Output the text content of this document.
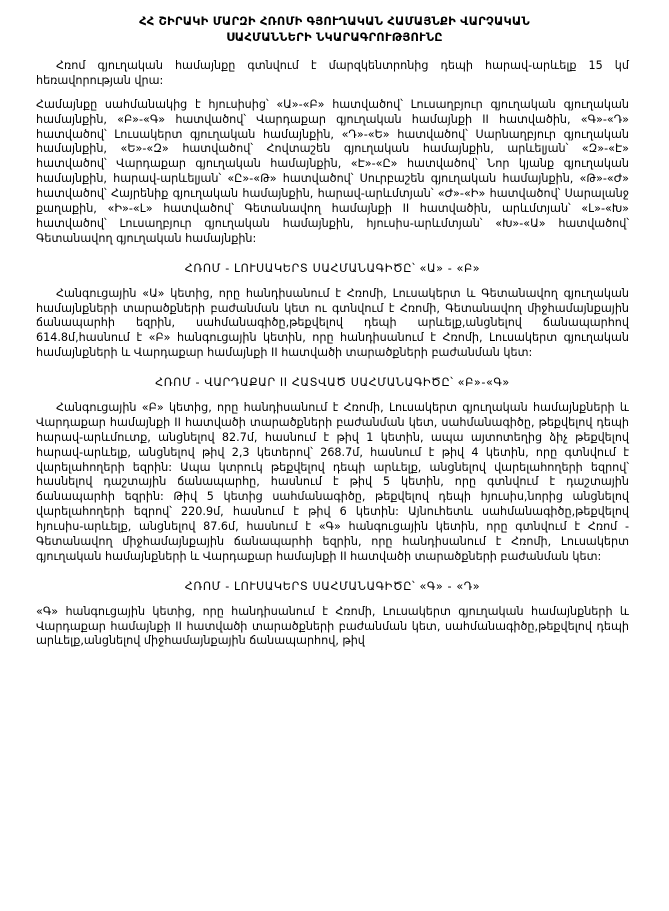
ՀՀ ՇԻՐԱԿԻ ՄԱՐԶԻ ՀՌՈՄԻ ԳՅՈՒՂԱԿԱՆ ՀԱՄԱՅՆՔԻ ՎԱՐՉԱԿԱՆ
ՍԱՀՄԱՆՆԵՐԻ ՆԿԱՐԱԳՐՈՒԹՅՈՒՆԸ

Հռոմ գյուղական համայնքը գտնվում է մարզկենտրոնից դեպի հարավ-արևելք 15 կմ հեռավորության վրա:

Համայնքը սահմանակից է հյուսիսից՝ «Ա»-«Բ» հատվածով՝ Լուսաղբյուր գյուղական գյուղական համայնքին, «Բ»-«Գ» հատվածով՝ Վարդաքար գյուղական համայնքի II հատվածին, «Գ»-«Դ» հատվածով՝ Լուսակերտ գյուղական համայնքին, «Դ»-«Ե» հատվածով՝ Սարնաղբյուր գյուղական համայնքին, «Ե»-«Զ» հատվածով՝ Հովտաշեն գյուղական համայնքին, արևելյան՝ «Զ»-«Է» հատվածով՝ Վարդաքար գյուղական համայնքին, «Է»-«Ը» հատվածով՝ Նոր կյանք գյուղական համայնքին, հարավ-արևելյան՝ «Ը»-«Թ» հատվածով՝ Սուրբաշեն գյուղական համայնքին, «Թ»-«Ժ» հատվածով՝ Հայրենիք գյուղական համայնքին, հարավ-արևմտյան՝ «Ժ»-«Ի» հատվածով՝ Սարալանջ քաղաքին, «Ի»-«Լ» հատվածով՝ Գետանավող համայնքի II հատվածին, արևմտյան՝ «Լ»-«Խ» հատվածով՝ Լուսաղբյուր գյուղական համայնքին, հյուսիս-արևմտյան՝ «Խ»-«Ա» հատվածով՝ Գետանավող գյուղական համայնքին:

ՀՌՈՄ - ԼՈՒՍԱԿԵՐՏ ՍԱՀՄԱՆԱԳԻԾԸ՝ «Ա» - «Բ»

Հանգուցային «Ա» կետից, որը հանդիսանում է Հռոմի, Լուսակերտ և Գետանավող գյուղական համայնքների տարածքների բաժանման կետ ու գտնվում է Հռոմի, Գետանավող միջհամայնքային ճանապարհի եզրին, սահմանագիծը,թեքվելով դեպի արևելք,անցնելով ճանապարհով 614.8մ,հասնում է «Բ» հանգուցային կետին, որը հանդիսանում է Հռոմի, Լուսակերտ գյուղական համայնքների և Վարդաքար համայնքի II հատվածի տարածքների բաժանման կետ:

ՀՌՈՄ - ՎԱՐԴԱՔԱՐ II ՀԱՏՎԱԾ ՍԱՀՄԱՆԱԳԻԾԸ՝ «Բ»-«Գ»

Հանգուցային «Բ» կետից, որը հանդիսանում է Հռոմի, Լուսակերտ գյուղական համայնքների և Վարդաքար համայնքի II հատվածի տարածքների բաժանման կետ, սահմանագիծը, թեքվելով դեպի հարավ-արևմուտք, անցնելով 82.7մ, հասնում է թիվ 1 կետին, ապա այտոտեղից ձիչ թեքվելով հարավ-արևելք, անցնելով թիվ 2,3 կետերով՝ 268.7մ, հասնում է թիվ 4 կետին, որը գտնվում է վարելահողերի եզրին: Ապա կտրուկ թեքվելով դեպի արևելք, անցնելով վարելահողերի եզրով՝ հասնելով դաշտային ճանապարհը, հասնում է թիվ 5 կետին, որը գտնվում է դաշտային ճանապարհի եզրին: Թիվ 5 կետից սահմանագիծը, թեքվելով դեպի հյուսիս,նորից անցնելով վարելահողերի եզրով՝ 220.9մ, հասնում է թիվ 6 կետին: Այնուհետև սահմանագիծը,թեքվելով հյուսիս-արևելք, անցնելով 87.6մ, հասնում է «Գ» հանգուցային կետին, որը գտնվում է Հռոմ - Գետանավող միջհամայնքային ճանապարհի եզրին, որը հանդիսանում է Հռոմի, Լուսակերտ գյուղական համայնքների և Վարդաքար համայնքի II հատվածի տարածքների բաժանման կետ:

ՀՌՈՄ - ԼՈՒՍԱԿԵՐՏ ՍԱՀՄԱՆԱԳԻԾԸ՝ «Գ» - «Դ»

«Գ» հանգուցային կետից, որը հանդիսանում է Հռոմի, Լուսակերտ գյուղական համայնքների և Վարդաքար համայնքի II հատվածի տարածքների բաժանման կետ, սահմանագիծը,թեքվելով դեպի արևելք,անցնելով միջհամայնքային ճանապարհով, թիվ
